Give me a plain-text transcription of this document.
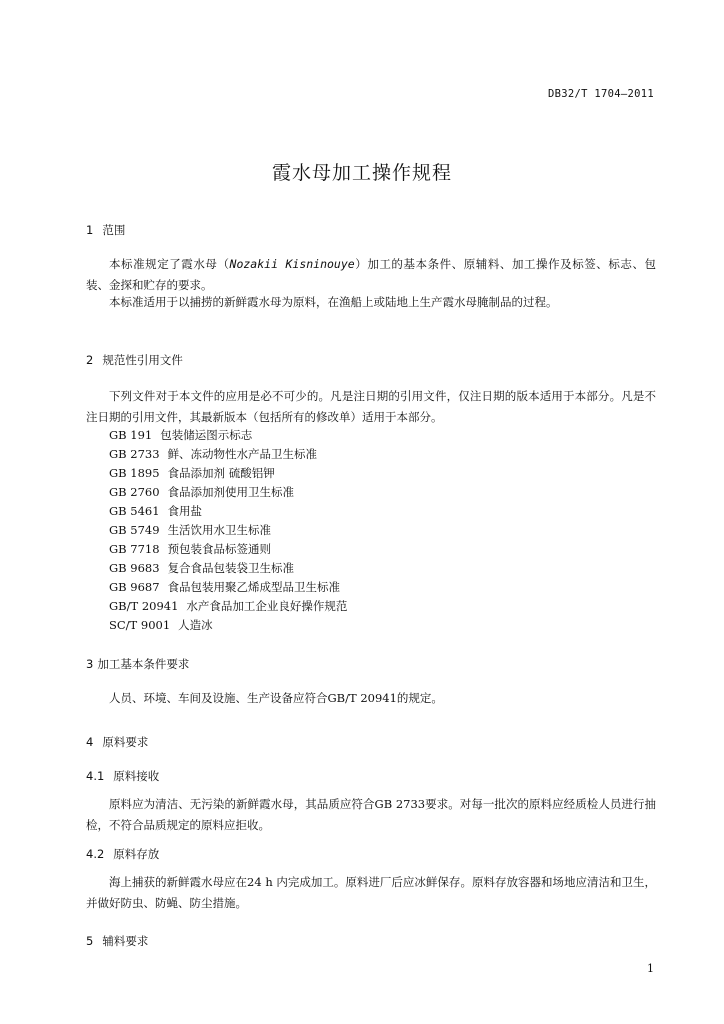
DB32/T 1704—2011
霞水母加工操作规程
1 范围
本标准规定了霞水母（Nozakii Kisninouye）加工的基本条件、原辅料、加工操作及标签、标志、包装、金探和贮存的要求。
本标准适用于以捕捞的新鲜霞水母为原料，在渔船上或陆地上生产霞水母腌制品的过程。
2 规范性引用文件
下列文件对于本文件的应用是必不可少的。凡是注日期的引用文件，仅注日期的版本适用于本部分。凡是不注日期的引用文件，其最新版本（包括所有的修改单）适用于本部分。
GB 191 包装储运图示标志
GB 2733 鲜、冻动物性水产品卫生标准
GB 1895 食品添加剂 硫酸铝钾
GB 2760 食品添加剂使用卫生标准
GB 5461 食用盐
GB 5749 生活饮用水卫生标准
GB 7718 预包装食品标签通则
GB 9683 复合食品包装袋卫生标准
GB 9687 食品包装用聚乙烯成型品卫生标准
GB/T 20941 水产食品加工企业良好操作规范
SC/T 9001 人造冰
3 加工基本条件要求
人员、环境、车间及设施、生产设备应符合GB/T 20941的规定。
4 原料要求
4.1 原料接收
原料应为清洁、无污染的新鲜霞水母，其品质应符合GB 2733要求。对每一批次的原料应经质检人员进行抽检，不符合品质规定的原料应拒收。
4.2 原料存放
海上捕获的新鲜霞水母应在24 h 内完成加工。原料进厂后应冰鲜保存。原料存放容器和场地应清洁和卫生，并做好防虫、防蝇、防尘措施。
5 辅料要求
1
